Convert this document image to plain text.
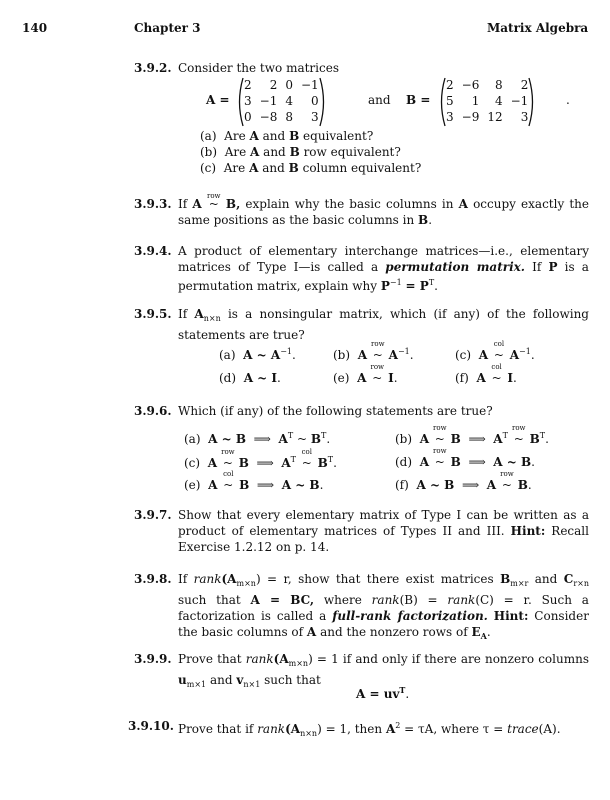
140	Chapter 3	Matrix Algebra
3.9.2. Consider the two matrices
A =
2	2	0	−1
3	−1	4	0
0	−8	8	3
and B =
2	−6	8	2
5	1	4	−1
3	−9	12	3
.
(a) Are A and B equivalent?
(b) Are A and B row equivalent?
(c) Are A and B column equivalent?
3.9.3. If A
row
~ B, explain why the basic columns in A occupy exactly the same positions as the basic columns in B.
3.9.4. A product of elementary interchange matrices—i.e., elementary matrices of Type I—is called a permutation matrix. If P is a permutation matrix, explain why $P^{-1} = P^T$.
3.9.5. If $A_{n\times n}$ is a nonsingular matrix, which (if any) of the following statements are true?
(a) A ~ $A^{-1}$.	(b) A
row
~ $A^{-1}$.	(c) A
col
~ $A^{-1}$.
(d) A ~ I.	(e) A
row
~ I.	(f) A
col
~ I.
3.9.6. Which (if any) of the following statements are true?
(a) A ~ B  ⟹  $A^T$ ~ $B^T$.	(b) A
row
~ B  ⟹  $A^T$
row
~ $B^T$.
(c) A
row
~ B  ⟹  $A^T$
col
~ $B^T$.	(d) A
row
~ B  ⟹  A ~ B.
(e) A
col
~ B  ⟹  A ~ B.	(f) A ~ B  ⟹  A
row
~ B.
3.9.7. Show that every elementary matrix of Type I can be written as a product of elementary matrices of Types II and III. Hint: Recall Exercise 1.2.12 on p. 14.
3.9.8. If $rank(A_{m\times n}) = r$, show that there exist matrices $B_{m\times r}$ and $C_{r\times n}$ such that A = BC, where rank(B) = rank(C) = r. Such a factorization is called a full-rank factorization. Hint: Consider the basic columns of A and the nonzero rows of $E_A$.
3.9.9. Prove that $rank(A_{m\times n}) = 1$ if and only if there are nonzero columns $u_{m\times 1}$ and $v_{n\times 1}$ such that
$A = uv^T$.
3.9.10. Prove that if $rank(A_{n\times n}) = 1$, then $A^2 = \tau A$, where τ = trace(A).
